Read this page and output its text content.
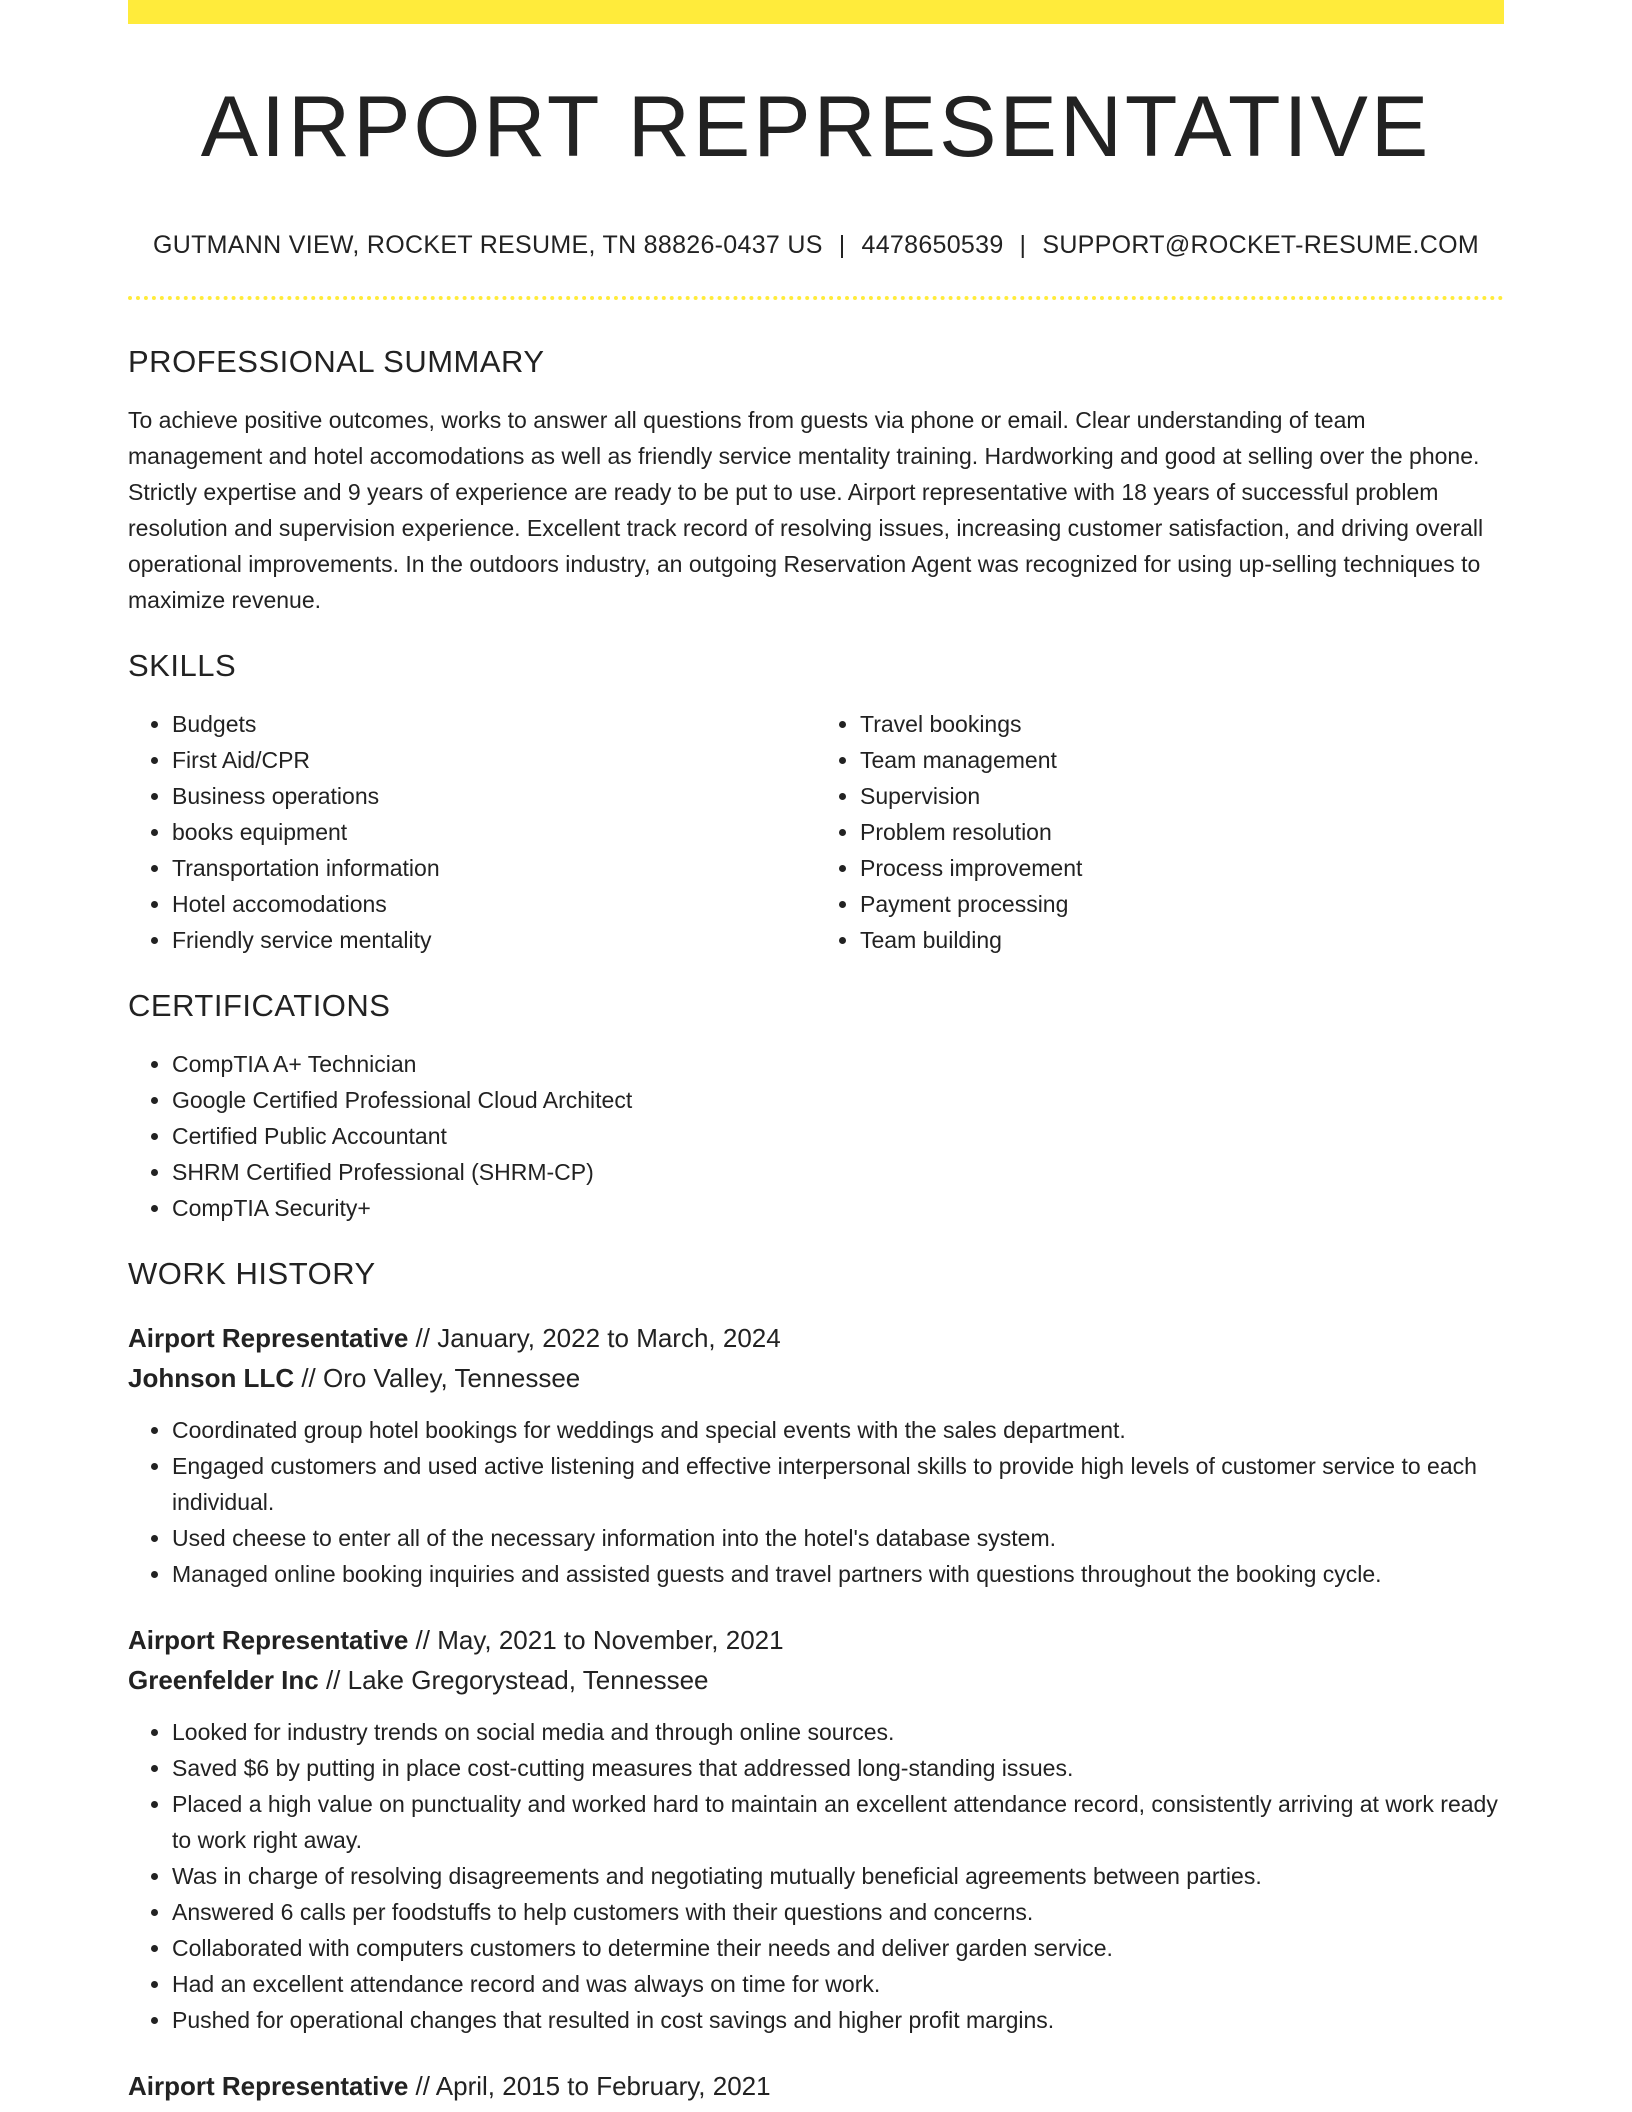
AIRPORT REPRESENTATIVE
GUTMANN VIEW, ROCKET RESUME, TN 88826-0437 US | 4478650539 | SUPPORT@ROCKET-RESUME.COM
PROFESSIONAL SUMMARY
To achieve positive outcomes, works to answer all questions from guests via phone or email. Clear understanding of team management and hotel accomodations as well as friendly service mentality training. Hardworking and good at selling over the phone. Strictly expertise and 9 years of experience are ready to be put to use. Airport representative with 18 years of successful problem resolution and supervision experience. Excellent track record of resolving issues, increasing customer satisfaction, and driving overall operational improvements. In the outdoors industry, an outgoing Reservation Agent was recognized for using up-selling techniques to maximize revenue.
SKILLS
• Budgets
• First Aid/CPR
• Business operations
• books equipment
• Transportation information
• Hotel accomodations
• Friendly service mentality
• Travel bookings
• Team management
• Supervision
• Problem resolution
• Process improvement
• Payment processing
• Team building
CERTIFICATIONS
• CompTIA A+ Technician
• Google Certified Professional Cloud Architect
• Certified Public Accountant
• SHRM Certified Professional (SHRM-CP)
• CompTIA Security+
WORK HISTORY
Airport Representative // January, 2022 to March, 2024
Johnson LLC // Oro Valley, Tennessee
• Coordinated group hotel bookings for weddings and special events with the sales department.
• Engaged customers and used active listening and effective interpersonal skills to provide high levels of customer service to each individual.
• Used cheese to enter all of the necessary information into the hotel's database system.
• Managed online booking inquiries and assisted guests and travel partners with questions throughout the booking cycle.
Airport Representative // May, 2021 to November, 2021
Greenfelder Inc // Lake Gregorystead, Tennessee
• Looked for industry trends on social media and through online sources.
• Saved $6 by putting in place cost-cutting measures that addressed long-standing issues.
• Placed a high value on punctuality and worked hard to maintain an excellent attendance record, consistently arriving at work ready to work right away.
• Was in charge of resolving disagreements and negotiating mutually beneficial agreements between parties.
• Answered 6 calls per foodstuffs to help customers with their questions and concerns.
• Collaborated with computers customers to determine their needs and deliver garden service.
• Had an excellent attendance record and was always on time for work.
• Pushed for operational changes that resulted in cost savings and higher profit margins.
Airport Representative // April, 2015 to February, 2021
